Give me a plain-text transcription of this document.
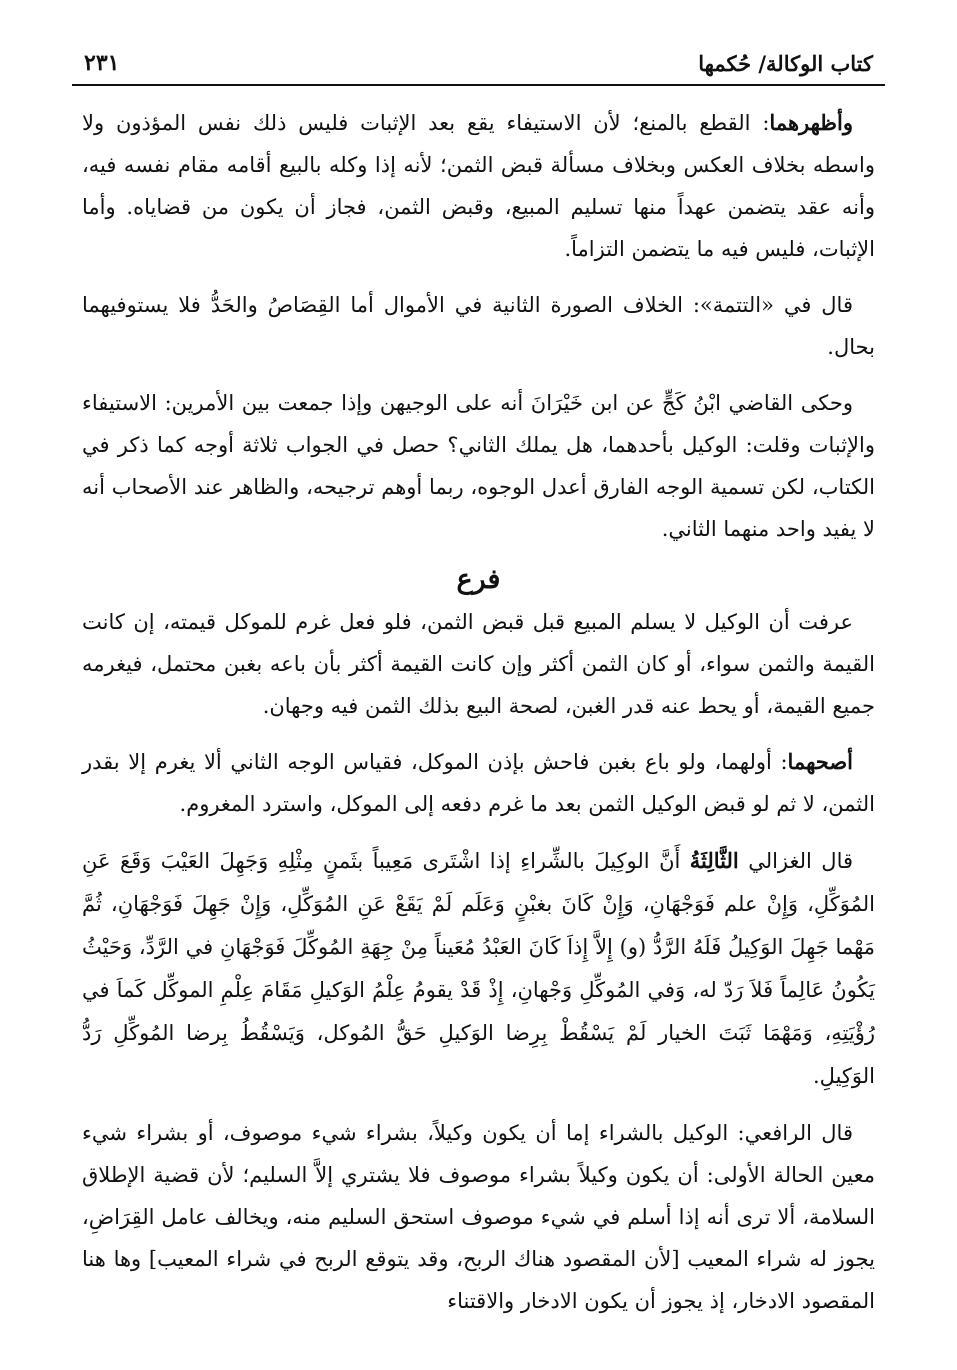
كتاب الوكالة/ حُكمها
٢٣١

وأظهرهما: القطع بالمنع؛ لأن الاستيفاء يقع بعد الإثبات فليس ذلك نفس المؤذون ولا واسطه بخلاف العكس وبخلاف مسألة قبض الثمن؛ لأنه إذا وكله بالبيع أقامه مقام نفسه فيه، وأنه عقد يتضمن عهداً منها تسليم المبيع، وقبض الثمن، فجاز أن يكون من قضاياه. وأما الإثبات، فليس فيه ما يتضمن التزاماً.

قال في «التتمة»: الخلاف الصورة الثانية في الأموال أما القِصَاصُ والحَدُّ فلا يستوفيهما بحال.

وحكى القاضي ابْنُ كَجٍّ عن ابن خَيْرَانَ أنه على الوجيهن وإذا جمعت بين الأمرين: الاستيفاء والإثبات وقلت: الوكيل بأحدهما، هل يملك الثاني؟ حصل في الجواب ثلاثة أوجه كما ذكر في الكتاب، لكن تسمية الوجه الفارق أعدل الوجوه، ربما أوهم ترجيحه، والظاهر عند الأصحاب أنه لا يفيد واحد منهما الثاني.

فرع

عرفت أن الوكيل لا يسلم المبيع قبل قبض الثمن، فلو فعل غرم للموكل قيمته، إن كانت القيمة والثمن سواء، أو كان الثمن أكثر وإن كانت القيمة أكثر بأن باعه بغبن محتمل، فيغرمه جميع القيمة، أو يحط عنه قدر الغبن، لصحة البيع بذلك الثمن فيه وجهان.

أصحهما: أولهما، ولو باع بغبن فاحش بإذن الموكل، فقياس الوجه الثاني ألا يغرم إلا بقدر الثمن، لا ثم لو قبض الوكيل الثمن بعد ما غرم دفعه إلى الموكل، واسترد المغروم.

قال الغزالي الثَّالِثَةُ أَنَّ الوكِيلَ بالشِّراءِ إذا اشْتَرى مَعِيباً بثَمنٍ مِثْلِهِ وَجَهِلَ العَيْبَ وَقَعَ عَنِ المُوَكِّلِ، وَإِنْ علم فَوَجْهَانِ، وَإِنْ كَانَ بغبْنٍ وَعَلَم لَمْ يَقَعْ عَنِ المُوَكِّلِ، وَإِنْ جَهِلَ فَوَجْهَانِ، ثُمَّ مَهْما جَهِلَ الوَكِيلُ فَلَهُ الرَّدُّ (و) إِلاَّ إِذاَ كَانَ العَبْدُ مُعَيناً مِنْ جِهَةِ المُوكِّلَ فَوَجْهَانِ في الرَّدِّ، وَحَيْثُ يَكُونُ عَالِماً فَلاَ رَدّ له، وَفي المُوكِّلِ وَجْهانِ، إِذْ قَدْ يقومُ عِلْمُ الوَكيلِ مَقَامَ عِلْمِ الموكِّل كَماَ في رُؤْيَتِهِ، وَمَهْمَا ثَبَتَ الخيار لَمْ يَسْقُطْ بِرِضا الوَكيلِ حَقُّ المُوكل، وَيَسْقُطُ بِرضا المُوكِّلِ رَدُّ الوَكِيلِ.

قال الرافعي: الوكيل بالشراء إما أن يكون وكيلاً، بشراء شيء موصوف، أو بشراء شيء معين الحالة الأولى: أن يكون وكيلاً بشراء موصوف فلا يشتري إلاَّ السليم؛ لأن قضية الإطلاق السلامة، ألا ترى أنه إذا أسلم في شيء موصوف استحق السليم منه، ويخالف عامل القِرَاضِ، يجوز له شراء المعيب [لأن المقصود هناك الربح، وقد يتوقع الربح في شراء المعيب] وها هنا المقصود الادخار، إذ يجوز أن يكون الادخار والاقتناء
